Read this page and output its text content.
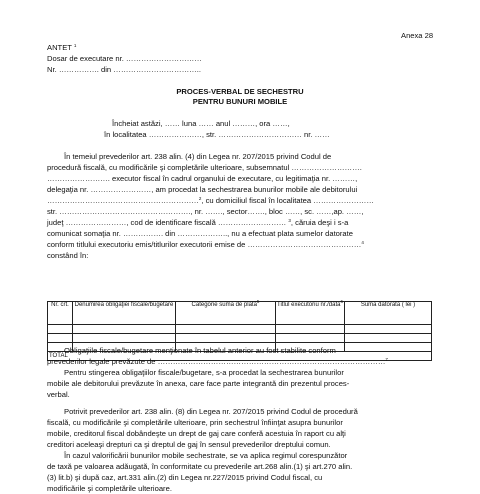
Anexa 28
ANTET $^1$
Dosar de executare nr. …………………………
Nr. ……………. din ……………………………..
PROCES-VERBAL DE SECHESTRU
PENTRU BUNURI MOBILE
Încheiat astăzi, …… luna …… anul ………, ora ……,
în localitatea …………………, str. …………………………… nr. ……
În temeiul prevederilor art. 238 alin. (4) din Legea nr. 207/2015 privind Codul de
procedură fiscală, cu modificările şi completările ulterioare, subsemnatul ……………………….
……………………. executor fiscal în cadrul organului de executare, cu legitimaţia nr. ………,
delegaţia nr. ……………………, am procedat la sechestrarea bunurilor mobile ale debitorului
……………………………………………………$^2$, cu domiciliul fiscal în localitatea ……………………
str. ……………………………………………., nr. ……., sector……., bloc ……, sc. ……,ap. ……,
judeţ ……………………, cod de identificare fiscală ……………………… $^3$, căruia deşi i s-a
comunicat somaţia nr. ……………. din ……………….., nu a efectuat plata sumelor datorate
conform titlului executoriu emis/titlurilor executorii emise de ………………………………………$^4$
constând în:
Nr. crt.	Denumirea obligaţiei fiscale/bugetare	Categorie suma de plată$^5$	Titlul executoriu nr./data$^6$	Suma datorată ( lei )

TOTAL				
Obligaţiile fiscale/bugetare menţionate în tabelul anterior au fost stabilite conform
prevederilor legale prevăzute de ………………………………………………………………………………$^7$
Pentru stingerea obligaţiilor fiscale/bugetare, s-a procedat la sechestrarea bunurilor
mobile ale debitorului prevăzute în anexa, care face parte integrantă din prezentul proces-
verbal.
Potrivit prevederilor art. 238 alin. (8) din Legea nr. 207/2015 privind Codul de procedură
fiscală, cu modificările şi completările ulterioare, prin sechestrul înfiinţat asupra bunurilor
mobile, creditorul fiscal dobândeşte un drept de gaj care conferă acestuia în raport cu alţi
creditori aceleaşi drepturi ca şi dreptul de gaj în sensul prevederilor dreptului comun.
În cazul valorificării bunurilor mobile sechestrate, se va aplica regimul corespunzător
de taxă pe valoarea adăugată, în conformitate cu prevederile art.268 alin.(1) şi art.270 alin.
(3) lit.b) şi după caz, art.331 alin.(2) din Legea nr.227/2015 privind Codul fiscal, cu
modificările şi completările ulterioare.
